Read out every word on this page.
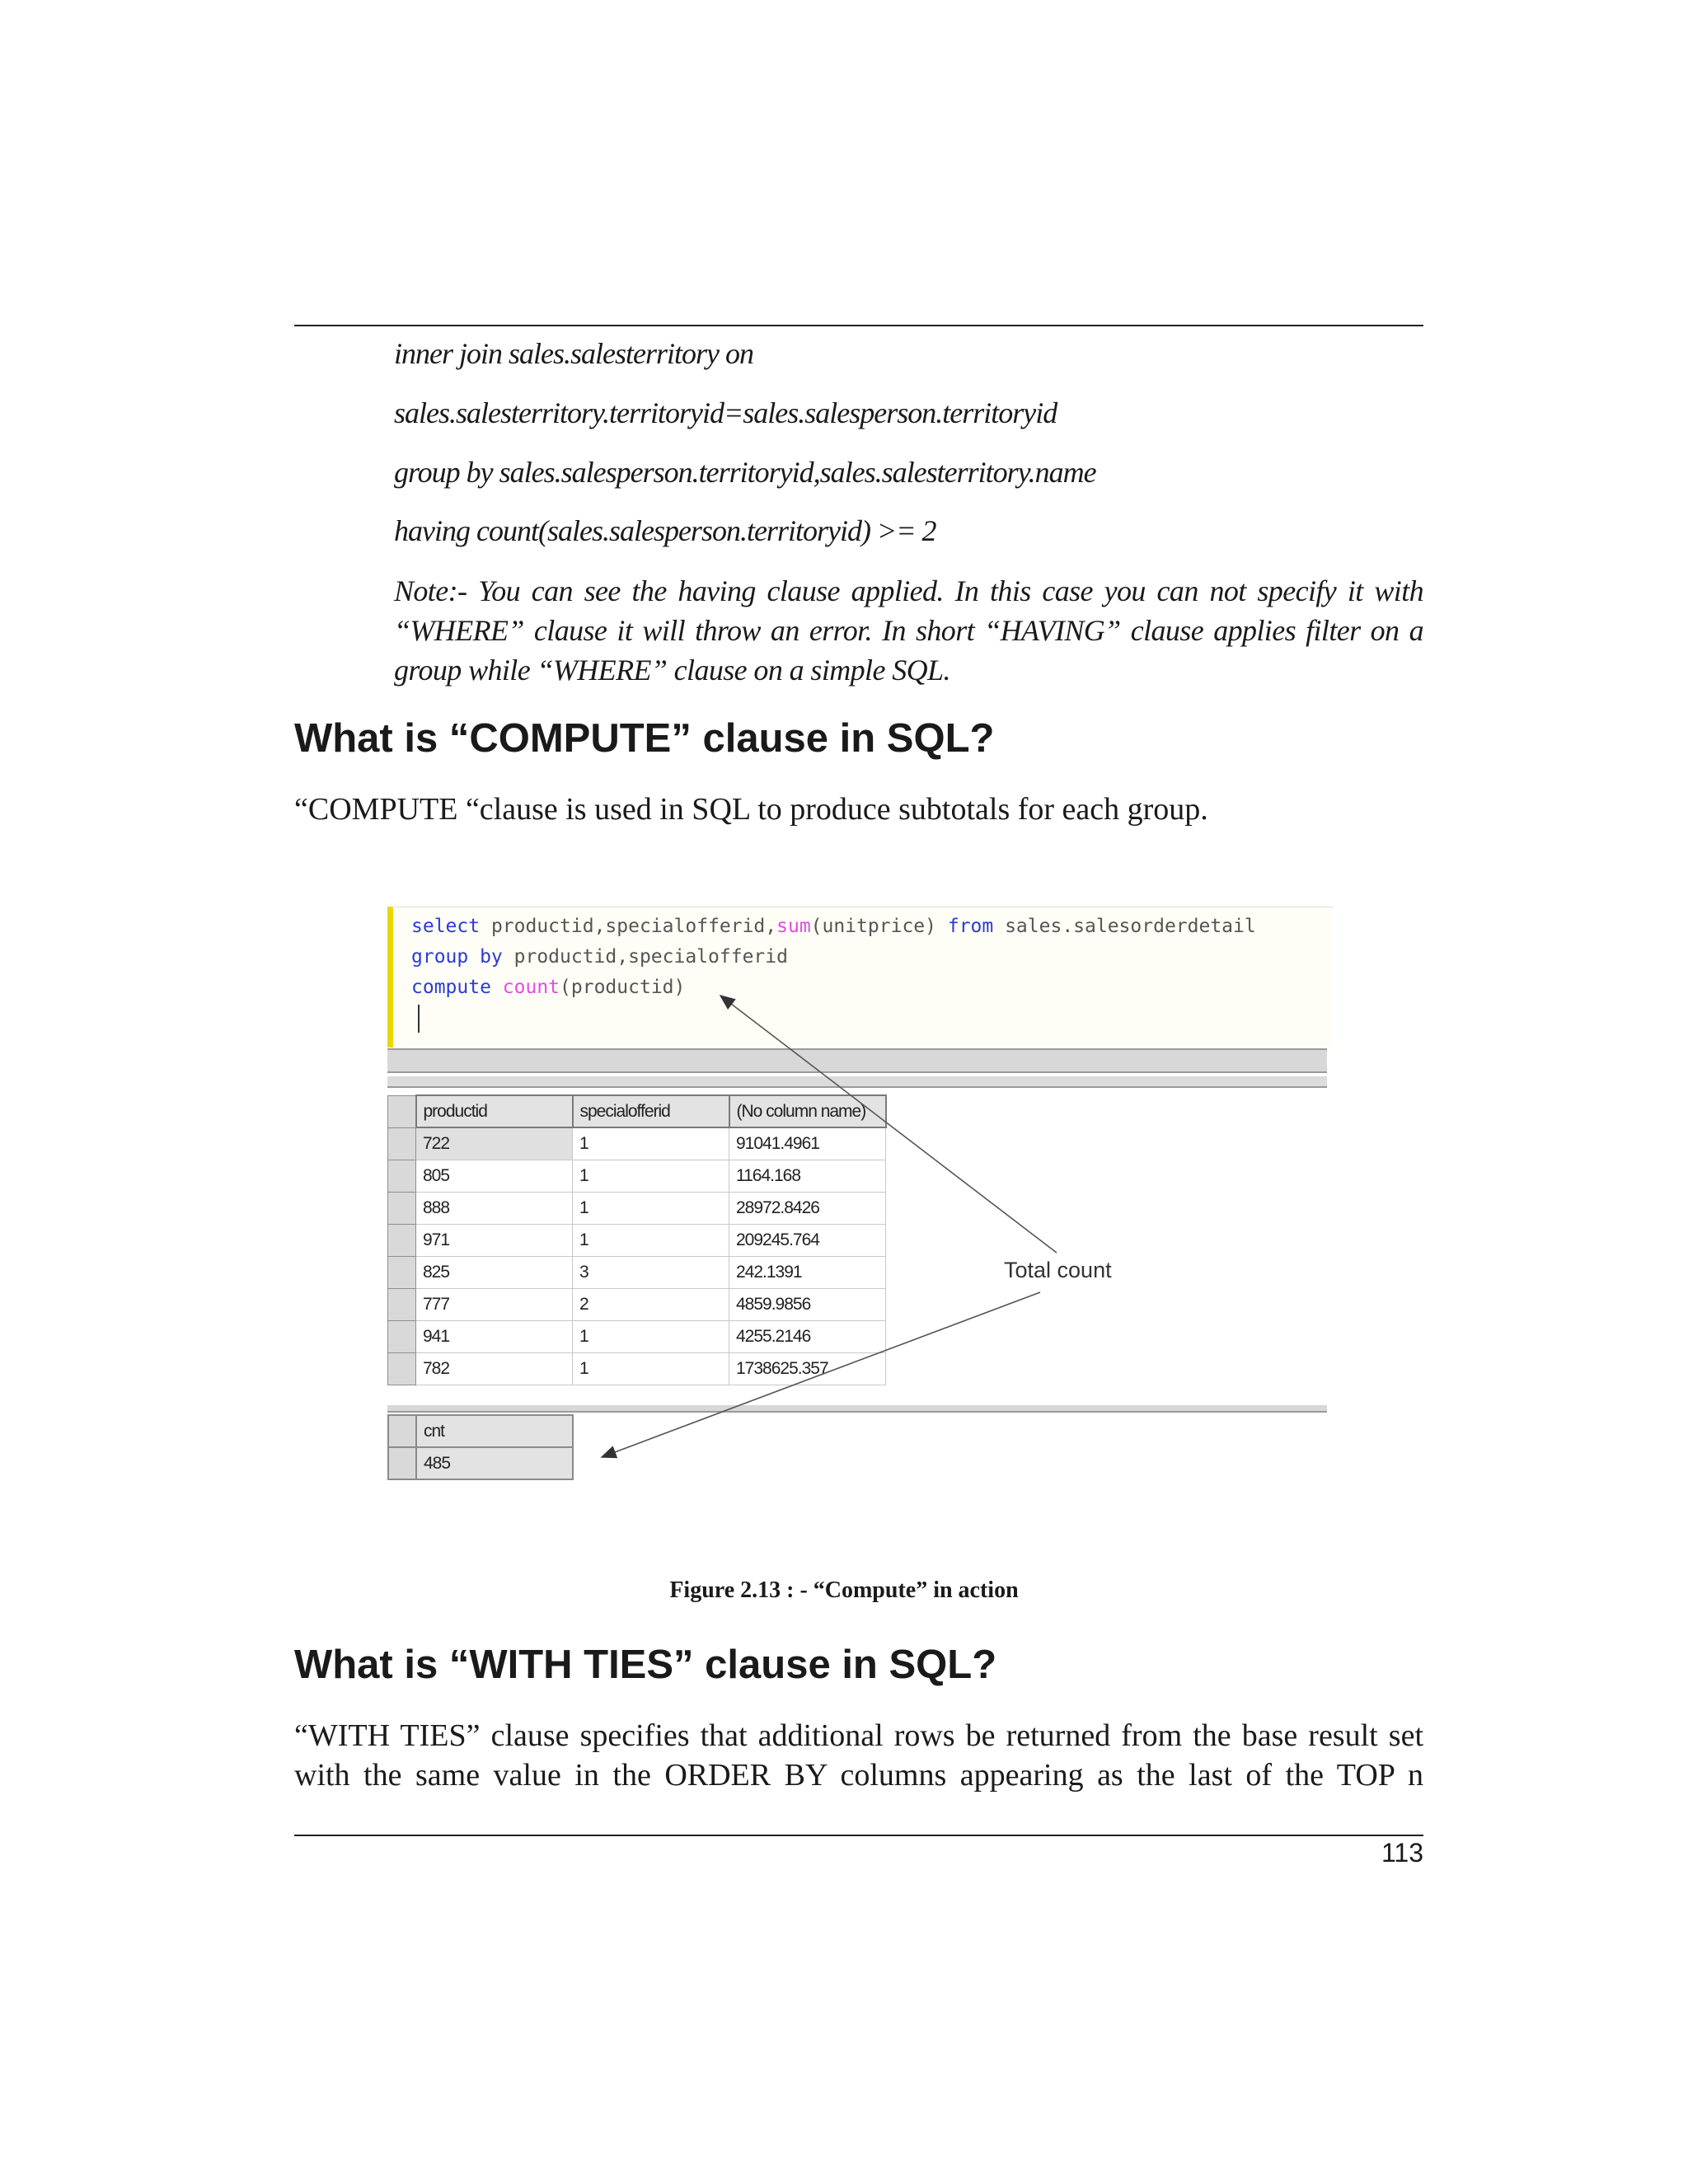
inner join sales.salesterritory on
sales.salesterritory.territoryid=sales.salesperson.territoryid
group by sales.salesperson.territoryid,sales.salesterritory.name
having count(sales.salesperson.territoryid) >= 2
Note:- You can see the having clause applied. In this case you can not specify it with “WHERE” clause it will throw an error. In short “HAVING” clause applies filter on a group while “WHERE” clause on a simple SQL.
What is “COMPUTE” clause in SQL?
“COMPUTE “clause is used in SQL to produce subtotals for each group.
select productid,specialofferid,sum(unitprice) from sales.salesorderdetail
group by productid,specialofferid
compute count(productid)
	productid	specialofferid	(No column name)
	722	1	91041.4961
	805	1	1164.168
	888	1	28972.8426
	971	1	209245.764
	825	3	242.1391
	777	2	4859.9856
	941	1	4255.2146
	782	1	1738625.357
	cnt
	485
Total count
Figure 2.13 : - “Compute” in action
What is “WITH TIES” clause in SQL?
“WITH TIES” clause specifies that additional rows be returned from the base result set
with the same value in the ORDER BY columns appearing as the last of the TOP n
113
